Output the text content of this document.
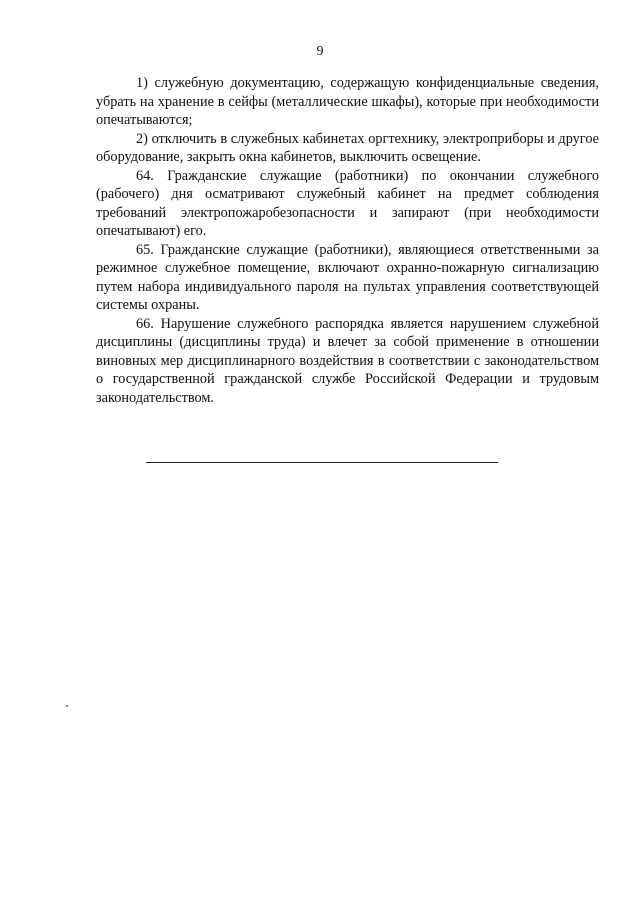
9

1) служебную документацию, содержащую конфиденциальные сведения, убрать на хранение в сейфы (металлические шкафы), которые при необходимости опечатываются;

2) отключить в служебных кабинетах оргтехнику, электроприборы и другое оборудование, закрыть окна кабинетов, выключить освещение.

64. Гражданские служащие (работники) по окончании служебного (рабочего) дня осматривают служебный кабинет на предмет соблюдения требований электропожаробезопасности и запирают (при необходимости опечатывают) его.

65. Гражданские служащие (работники), являющиеся ответственными за режимное служебное помещение, включают охранно-пожарную сигнализацию путем набора индивидуального пароля на пультах управления соответствующей системы охраны.

66. Нарушение служебного распорядка является нарушением служебной дисциплины (дисциплины труда) и влечет за собой применение в отношении виновных мер дисциплинарного воздействия в соответствии с законодательством о государственной гражданской службе Российской Федерации и трудовым законодательством.
